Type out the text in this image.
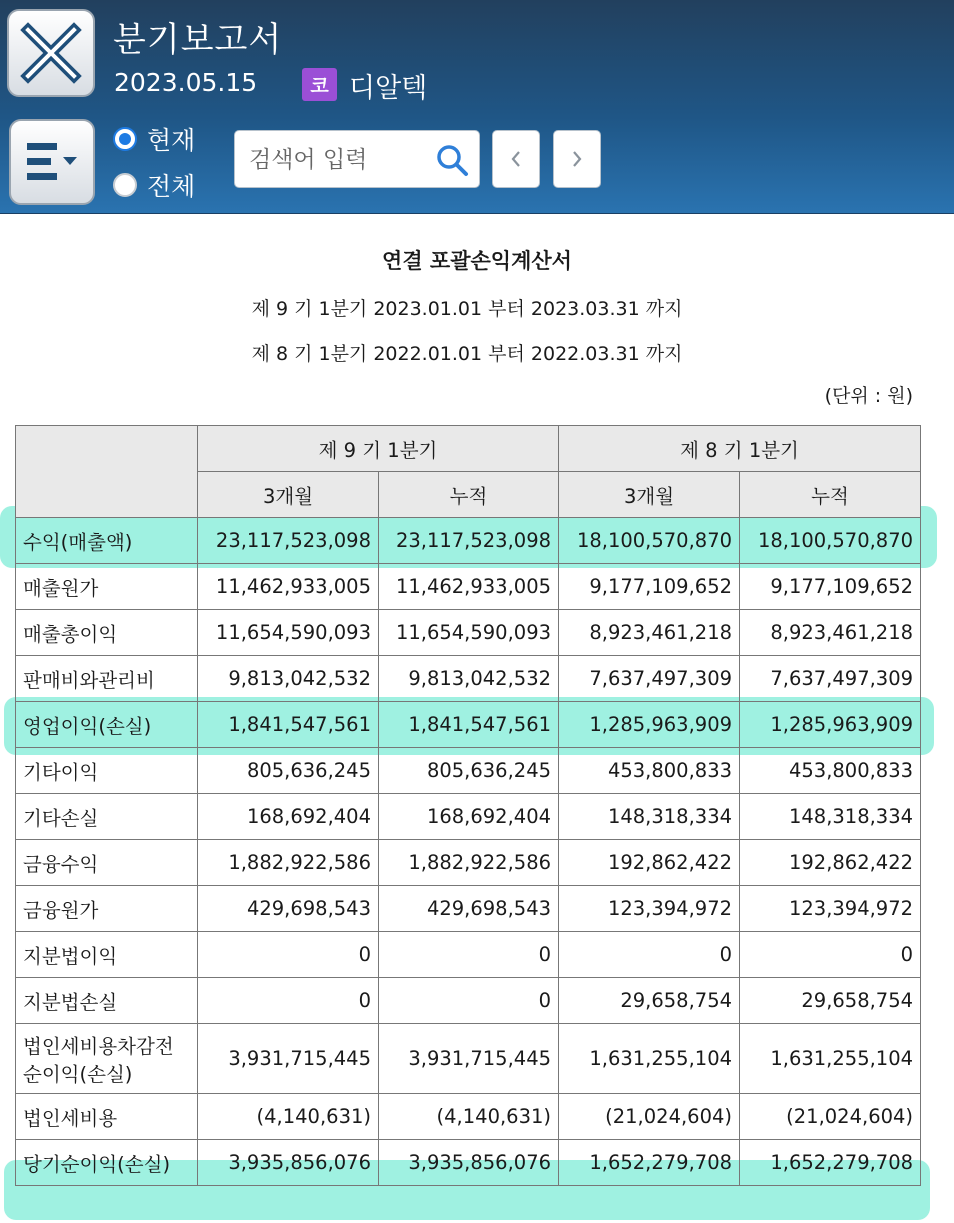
분기보고서
2023.05.15	코 디알텍
현재
전체
검색어 입력
연결 포괄손익계산서
제 9 기 1분기 2023.01.01 부터 2023.03.31 까지
제 8 기 1분기 2022.01.01 부터 2022.03.31 까지
(단위 : 원)
	제 9 기 1분기		제 8 기 1분기	
	3개월	누적	3개월	누적
수익(매출액)	23,117,523,098	23,117,523,098	18,100,570,870	18,100,570,870
매출원가	11,462,933,005	11,462,933,005	9,177,109,652	9,177,109,652
매출총이익	11,654,590,093	11,654,590,093	8,923,461,218	8,923,461,218
판매비와관리비	9,813,042,532	9,813,042,532	7,637,497,309	7,637,497,309
영업이익(손실)	1,841,547,561	1,841,547,561	1,285,963,909	1,285,963,909
기타이익	805,636,245	805,636,245	453,800,833	453,800,833
기타손실	168,692,404	168,692,404	148,318,334	148,318,334
금융수익	1,882,922,586	1,882,922,586	192,862,422	192,862,422
금융원가	429,698,543	429,698,543	123,394,972	123,394,972
지분법이익	0	0	0	0
지분법손실	0	0	29,658,754	29,658,754
법인세비용차감전순이익(손실)	3,931,715,445	3,931,715,445	1,631,255,104	1,631,255,104
법인세비용	(4,140,631)	(4,140,631)	(21,024,604)	(21,024,604)
당기순이익(손실)	3,935,856,076	3,935,856,076	1,652,279,708	1,652,279,708
